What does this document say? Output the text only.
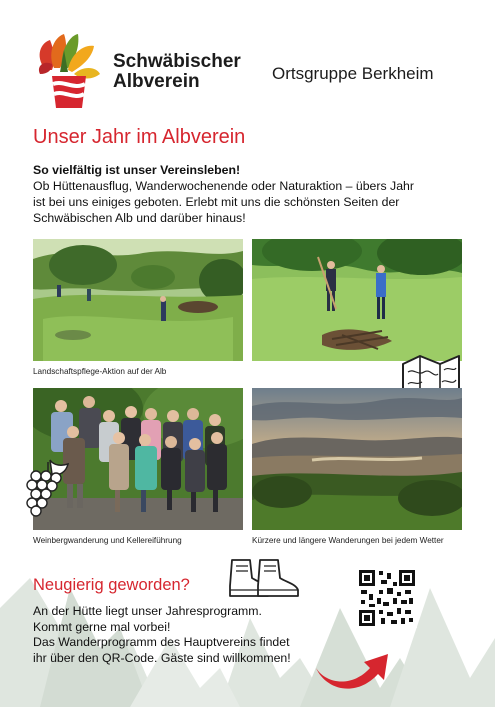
Schwäbischer
Albverein	Ortsgruppe Berkheim
Unser Jahr im Albverein
So vielfältig ist unser Vereinsleben!
Ob Hüttenausflug, Wanderwochenende oder Naturaktion – übers Jahr
ist bei uns einiges geboten. Erlebt mit uns die schönsten Seiten der
Schwäbischen Alb und darüber hinaus!
Landschaftspflege-Aktion auf der Alb
Weinbergwanderung und Kellereiführung	Kürzere und längere Wanderungen bei jedem Wetter
Neugierig geworden?
An der Hütte liegt unser Jahresprogramm.
Kommt gerne mal vorbei!
Das Wanderprogramm des Hauptvereins findet
ihr über den QR-Code. Gäste sind willkommen!
